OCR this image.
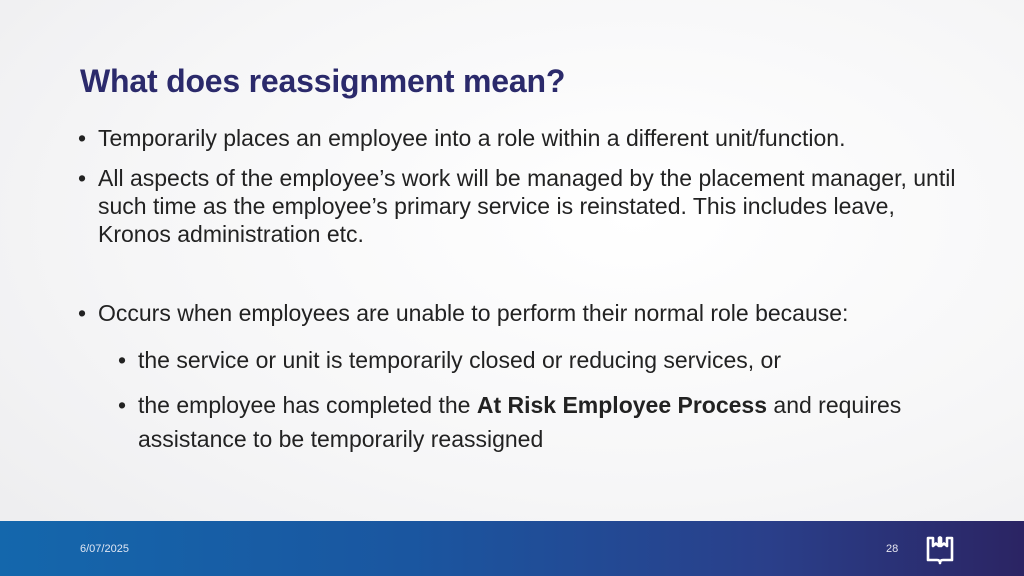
What does reassignment mean?
• Temporarily places an employee into a role within a different unit/function.
• All aspects of the employee’s work will be managed by the placement manager, until such time as the employee’s primary service is reinstated. This includes leave, Kronos administration etc.
• Occurs when employees are unable to perform their normal role because:
• the service or unit is temporarily closed or reducing services, or
• the employee has completed the At Risk Employee Process and requires assistance to be temporarily reassigned
6/07/2025	28
